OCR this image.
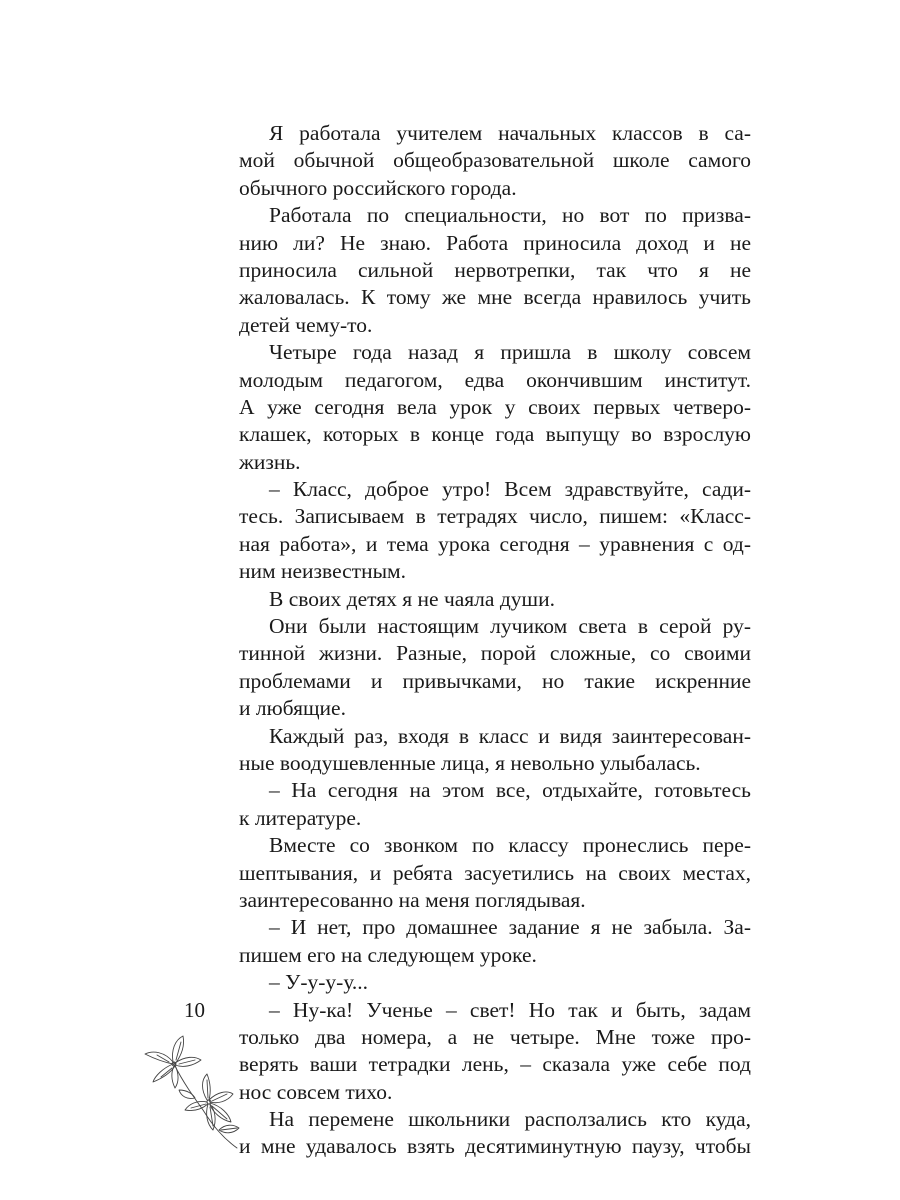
Я работала учителем начальных классов в са-
мой обычной общеобразовательной школе самого
обычного российского города.
Работала по специальности, но вот по призва-
нию ли? Не знаю. Работа приносила доход и не
приносила сильной нервотрепки, так что я не
жаловалась. К тому же мне всегда нравилось учить
детей чему-то.
Четыре года назад я пришла в школу совсем
молодым педагогом, едва окончившим институт.
А уже сегодня вела урок у своих первых четверо-
клашек, которых в конце года выпущу во взрослую
жизнь.
– Класс, доброе утро! Всем здравствуйте, сади-
тесь. Записываем в тетрадях число, пишем: «Класс-
ная работа», и тема урока сегодня – уравнения с од-
ним неизвестным.
В своих детях я не чаяла души.
Они были настоящим лучиком света в серой ру-
тинной жизни. Разные, порой сложные, со своими
проблемами и привычками, но такие искренние
и любящие.
Каждый раз, входя в класс и видя заинтересован-
ные воодушевленные лица, я невольно улыбалась.
– На сегодня на этом все, отдыхайте, готовьтесь
к литературе.
Вместе со звонком по классу пронеслись пере-
шептывания, и ребята засуетились на своих местах,
заинтересованно на меня поглядывая.
– И нет, про домашнее задание я не забыла. За-
пишем его на следующем уроке.
– У-у-у-у...
– Ну-ка! Ученье – свет! Но так и быть, задам
только два номера, а не четыре. Мне тоже про-
верять ваши тетрадки лень, – сказала уже себе под
нос совсем тихо.
На перемене школьники расползались кто куда,
и мне удавалось взять десятиминутную паузу, чтобы
10
